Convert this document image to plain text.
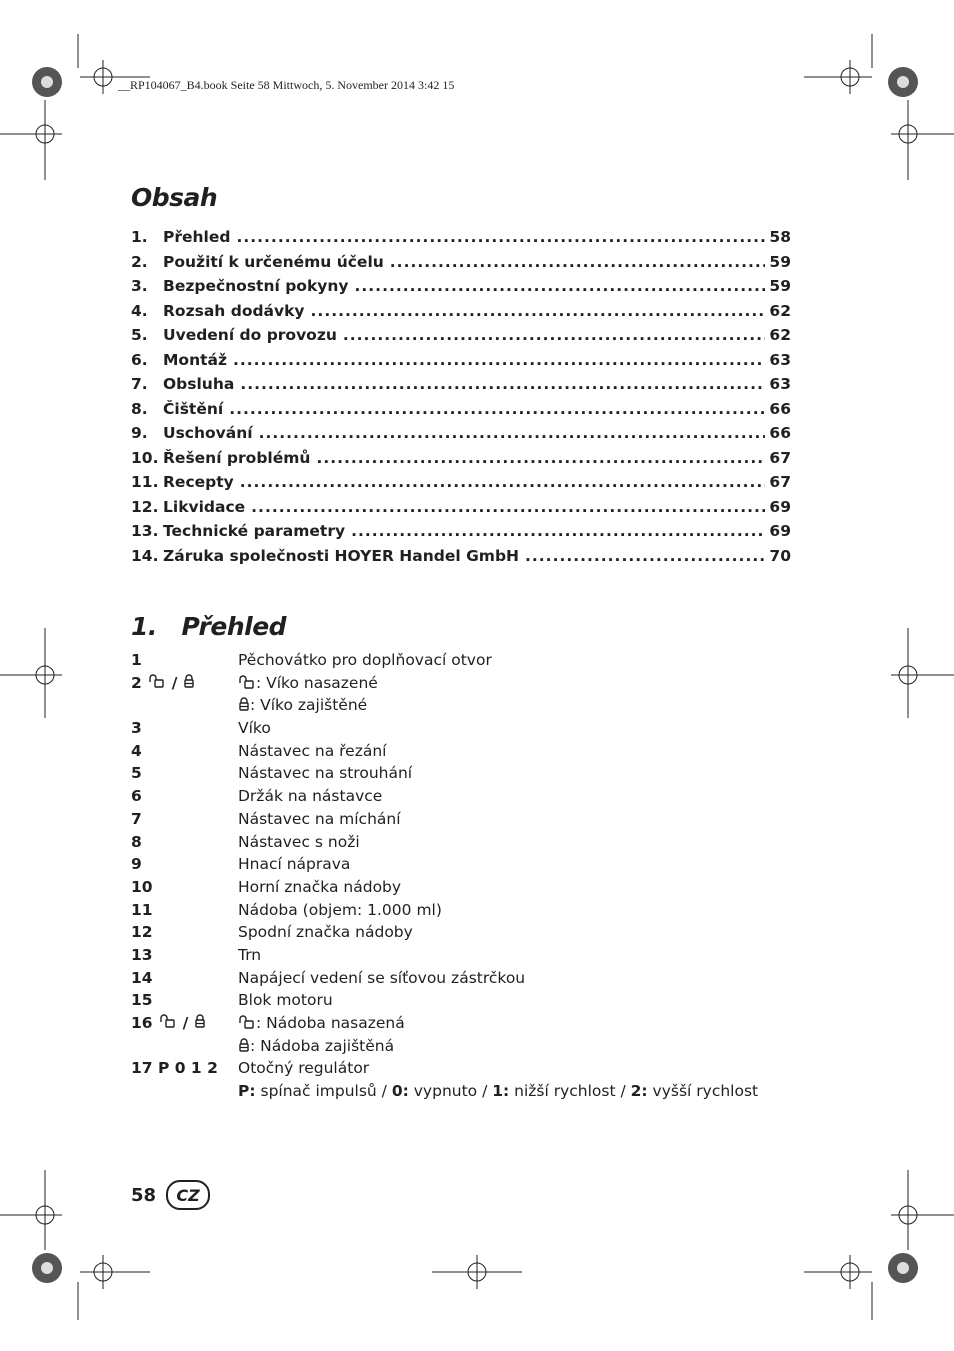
__RP104067_B4.book Seite 58 Mittwoch, 5. November 2014 3:42 15
Obsah
1. Přehled .....	58
2. Použití k určenému účelu .....	59
3. Bezpečnostní pokyny .....	59
4. Rozsah dodávky .....	62
5. Uvedení do provozu .....	62
6. Montáž .....	63
7. Obsluha .....	63
8. Čištění .....	66
9. Uschování .....	66
10. Řešení problémů .....	67
11. Recepty .....	67
12. Likvidace .....	69
13. Technické parametry .....	69
14. Záruka společnosti HOYER Handel GmbH .....	70
1.   Přehled
1	Pěchovátko pro doplňovací otvor
2 /	: Víko nasazené
: Víko zajištěné
3	Víko
4	Nástavec na řezání
5	Nástavec na strouhání
6	Držák na nástavce
7	Nástavec na míchání
8	Nástavec s noži
9	Hnací náprava
10	Horní značka nádoby
11	Nádoba (objem: 1.000 ml)
12	Spodní značka nádoby
13	Trn
14	Napájecí vedení se síťovou zástrčkou
15	Blok motoru
16 /	: Nádoba nasazená
: Nádoba zajištěná
17 P 0 1 2 Otočný regulátor
P: spínač impulsů / 0: vypnuto / 1: nižší rychlost / 2: vyšší rychlost
58	CZ
